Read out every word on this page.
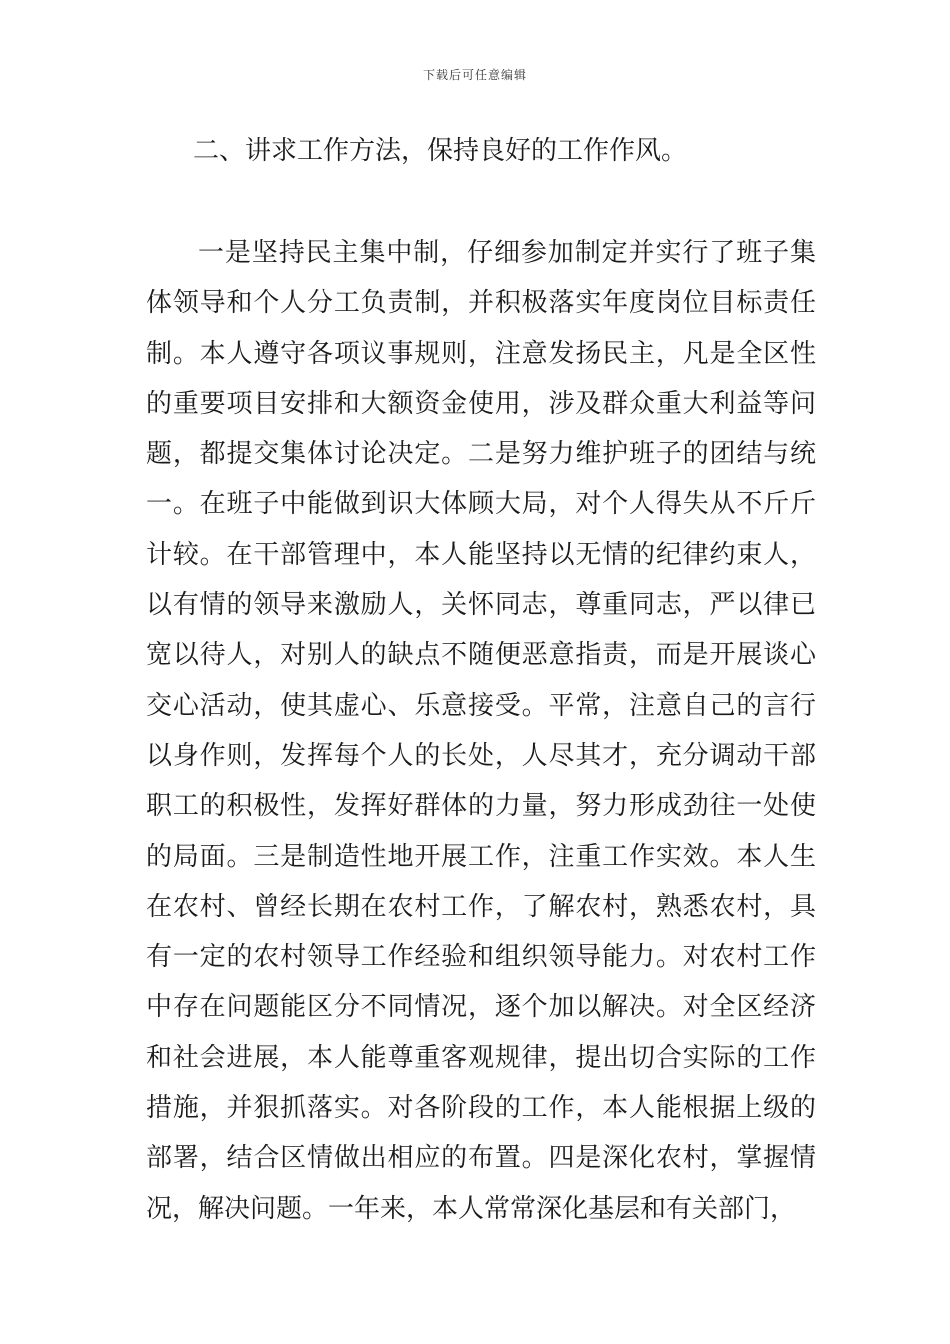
下载后可任意编辑
二、讲求工作方法，保持良好的工作作风。

一是坚持民主集中制，仔细参加制定并实行了班子集体领导和个人分工负责制，并积极落实年度岗位目标责任制。本人遵守各项议事规则，注意发扬民主，凡是全区性的重要项目安排和大额资金使用，涉及群众重大利益等问题，都提交集体讨论决定。二是努力维护班子的团结与统一。在班子中能做到识大体顾大局，对个人得失从不斤斤计较。在干部管理中，本人能坚持以无情的纪律约束人，以有情的领导来激励人，关怀同志，尊重同志，严以律已宽以待人，对别人的缺点不随便恶意指责，而是开展谈心交心活动，使其虚心、乐意接受。平常，注意自己的言行以身作则，发挥每个人的长处，人尽其才，充分调动干部职工的积极性，发挥好群体的力量，努力形成劲往一处使的局面。三是制造性地开展工作，注重工作实效。本人生在农村、曾经长期在农村工作，了解农村，熟悉农村，具有一定的农村领导工作经验和组织领导能力。对农村工作中存在问题能区分不同情况，逐个加以解决。对全区经济和社会进展，本人能尊重客观规律，提出切合实际的工作措施，并狠抓落实。对各阶段的工作，本人能根据上级的部署，结合区情做出相应的布置。四是深化农村，掌握情况，解决问题。一年来，本人常常深化基层和有关部门，
